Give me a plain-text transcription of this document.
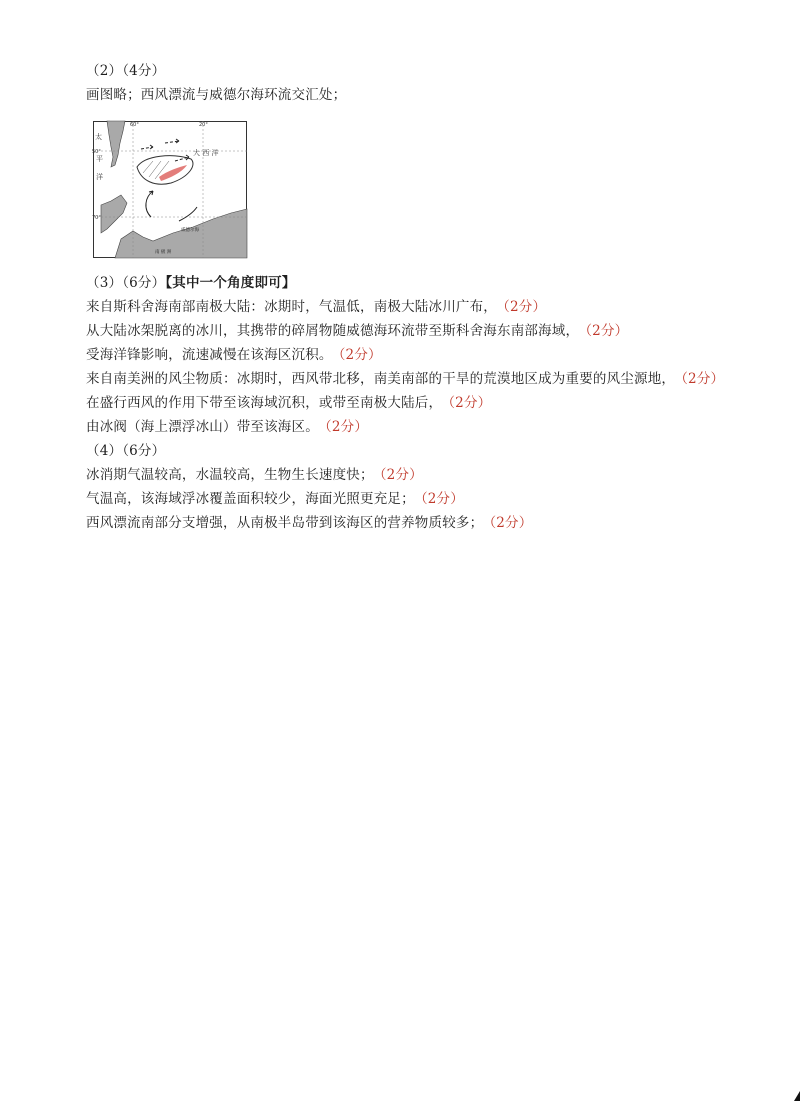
（2）（4分）
画图略；西风漂流与威德尔海环流交汇处；
60°	20°
50°
70°
太
平
洋
大 西 洋
威德尔海
南 极 洲
（3）（6分）【其中一个角度即可】
来自斯科舍海南部南极大陆：冰期时，气温低，南极大陆冰川广布， （2分）
从大陆冰架脱离的冰川，其携带的碎屑物随威德海环流带至斯科舍海东南部海域， （2分）
受海洋锋影响，流速减慢在该海区沉积。 （2分）
来自南美洲的风尘物质：冰期时，西风带北移，南美南部的干旱的荒漠地区成为重要的风尘源地， （2分）
在盛行西风的作用下带至该海域沉积，或带至南极大陆后， （2分）
由冰阀（海上漂浮冰山）带至该海区。 （2分）
（4）（6分）
冰消期气温较高，水温较高，生物生长速度快； （2分）
气温高，该海域浮冰覆盖面积较少，海面光照更充足； （2分）
西风漂流南部分支增强，从南极半岛带到该海区的营养物质较多； （2分）
